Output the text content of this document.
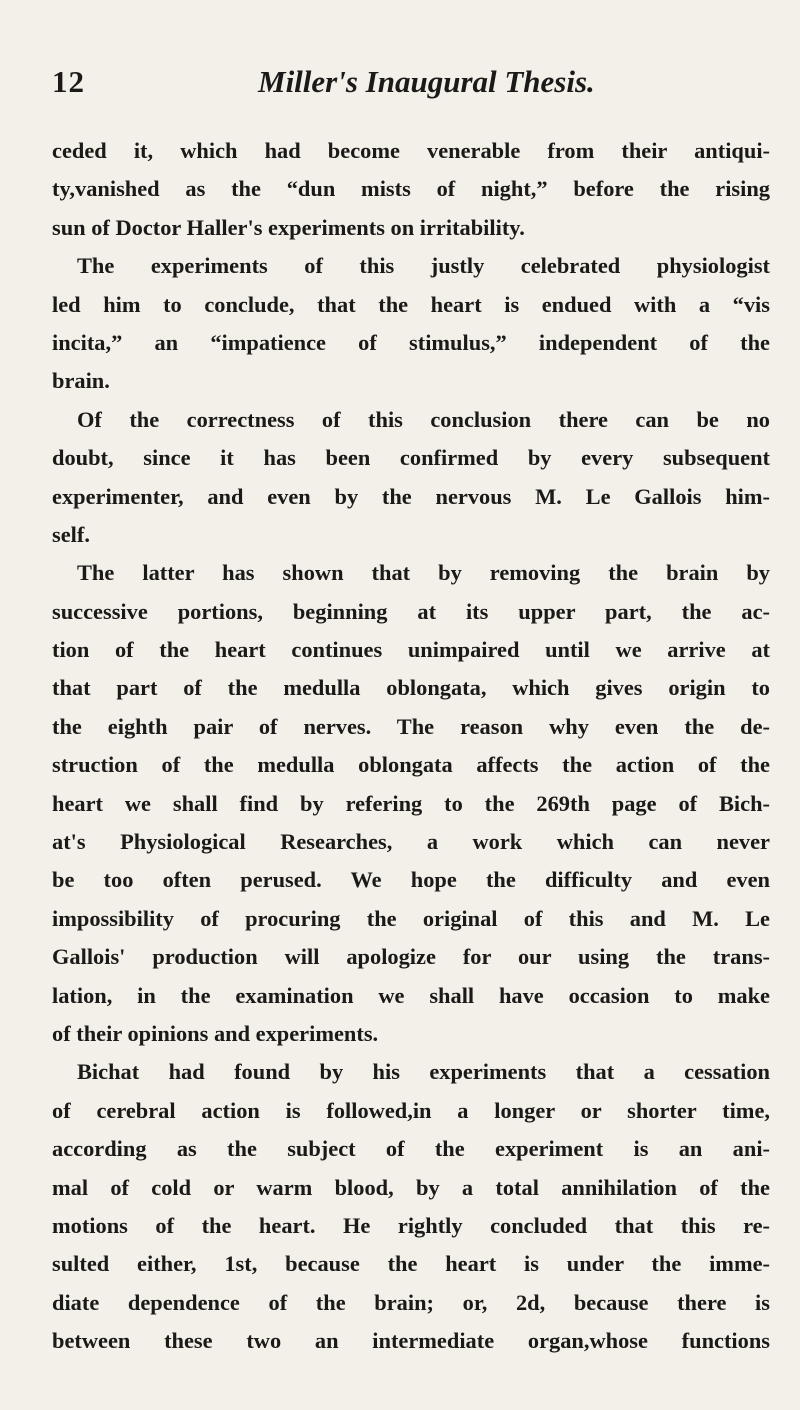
12	Miller's Inaugural Thesis.
ceded it, which had become venerable from their antiqui-
ty,vanished as the “dun mists of night,” before the rising
sun of Doctor Haller's experiments on irritability.
The experiments of this justly celebrated physiologist
led him to conclude, that the heart is endued with a “vis
incita,” an “impatience of stimulus,” independent of the
brain.
Of the correctness of this conclusion there can be no
doubt, since it has been confirmed by every subsequent
experimenter, and even by the nervous M. Le Gallois him-
self.
The latter has shown that by removing the brain by
successive portions, beginning at its upper part, the ac-
tion of the heart continues unimpaired until we arrive at
that part of the medulla oblongata, which gives origin to
the eighth pair of nerves. The reason why even the de-
struction of the medulla oblongata affects the action of the
heart we shall find by refering to the 269th page of Bich-
at's Physiological Researches, a work which can never
be too often perused. We hope the difficulty and even
impossibility of procuring the original of this and M. Le
Gallois' production will apologize for our using the trans-
lation, in the examination we shall have occasion to make
of their opinions and experiments.
Bichat had found by his experiments that a cessation
of cerebral action is followed,in a longer or shorter time,
according as the subject of the experiment is an ani-
mal of cold or warm blood, by a total annihilation of the
motions of the heart. He rightly concluded that this re-
sulted either, 1st, because the heart is under the imme-
diate dependence of the brain; or, 2d, because there is
between these two an intermediate organ,whose functions
